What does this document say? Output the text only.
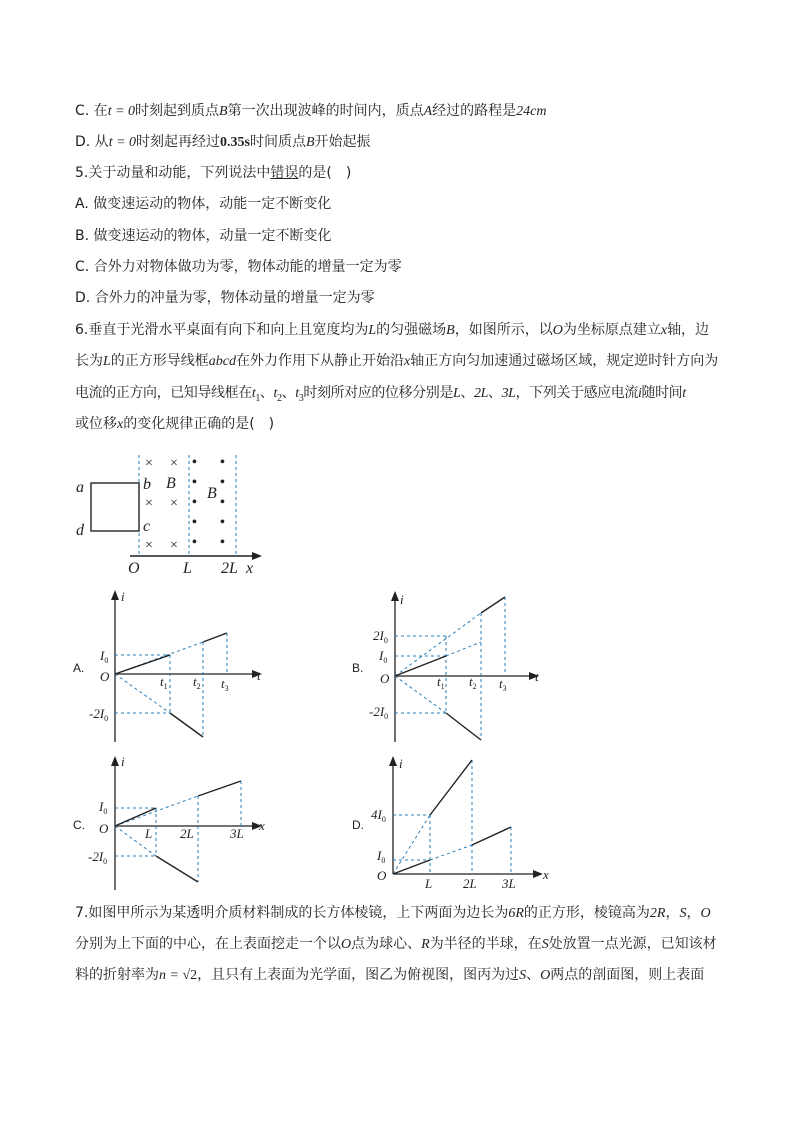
C. 在t = 0时刻起到质点B第一次出现波峰的时间内，质点A经过的路程是24cm
D. 从t = 0时刻起再经过0.35s时间质点B开始起振
5.关于动量和动能，下列说法中错误的是(　)
A. 做变速运动的物体，动能一定不断变化
B. 做变速运动的物体，动量一定不断变化
C. 合外力对物体做功为零，物体动能的增量一定为零
D. 合外力的冲量为零，物体动量的增量一定为零
6.垂直于光滑水平桌面有向下和向上且宽度均为L的匀强磁场B，如图所示，以O为坐标原点建立x轴，边
长为L的正方形导线框abcd在外力作用下从静止开始沿x轴正方向匀加速通过磁场区域，规定逆时针方向为
电流的正方向，已知导线框在$t_1$、$t_2$、$t_3$时刻所对应的位移分别是L、2L、3L，下列关于感应电流i随时间t
或位移x的变化规律正确的是(　)
× ×
× ×
× ×
• •
• •
• •
• •
• •
a
d
b
c
B
B
O	L 2L x
A.
i
O
$I_0$
$-2I_0$
$t_1$ $t_2$ $t_3$
t	B.
i
O
$2I_0$
$I_0$
$-2I_0$
$t_1$ $t_2$ $t_3$
t
C.
i
O
$I_0$
$-2I_0$
L 2L	3L
x	D.
i
O
$4I_0$
$I_0$
L 2L 3L
x
7.如图甲所示为某透明介质材料制成的长方体棱镜，上下两面为边长为6R的正方形，棱镜高为2R，S，O
分别为上下面的中心，在上表面挖走一个以O点为球心、R为半径的半球，在S处放置一点光源，已知该材
料的折射率为n = √2，且只有上表面为光学面，图乙为俯视图，图丙为过S、O两点的剖面图，则上表面
